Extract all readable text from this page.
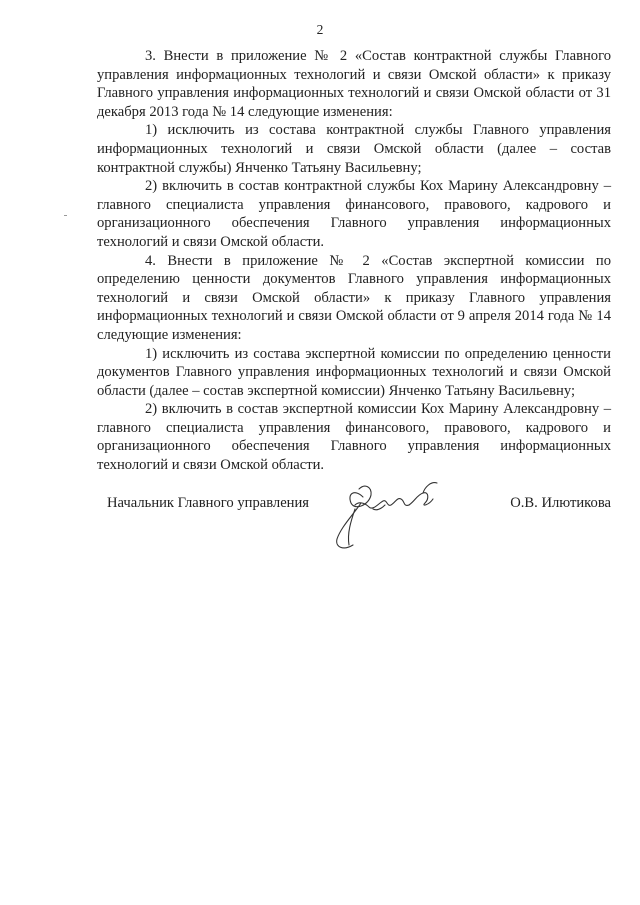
2

3. Внести в приложение № 2 «Состав контрактной службы Главного управления информационных технологий и связи Омской области» к приказу Главного управления информационных технологий и связи Омской области от 31 декабря 2013 года № 14 следующие изменения:

1) исключить из состава контрактной службы Главного управления информационных технологий и связи Омской области (далее – состав контрактной службы) Янченко Татьяну Васильевну;

2) включить в состав контрактной службы Кох Марину Александровну – главного специалиста управления финансового, правового, кадрового и организационного обеспечения Главного управления информационных технологий и связи Омской области.

4. Внести в приложение № 2 «Состав экспертной комиссии по определению ценности документов Главного управления информационных технологий и связи Омской области» к приказу Главного управления информационных технологий и связи Омской области от 9 апреля 2014 года № 14 следующие изменения:

1) исключить из состава экспертной комиссии по определению ценности документов Главного управления информационных технологий и связи Омской области (далее – состав экспертной комиссии) Янченко Татьяну Васильевну;

2) включить в состав экспертной комиссии Кох Марину Александровну – главного специалиста управления финансового, правового, кадрового и организационного обеспечения Главного управления информационных технологий и связи Омской области.

Начальник Главного управления	О.В. Илютикова
